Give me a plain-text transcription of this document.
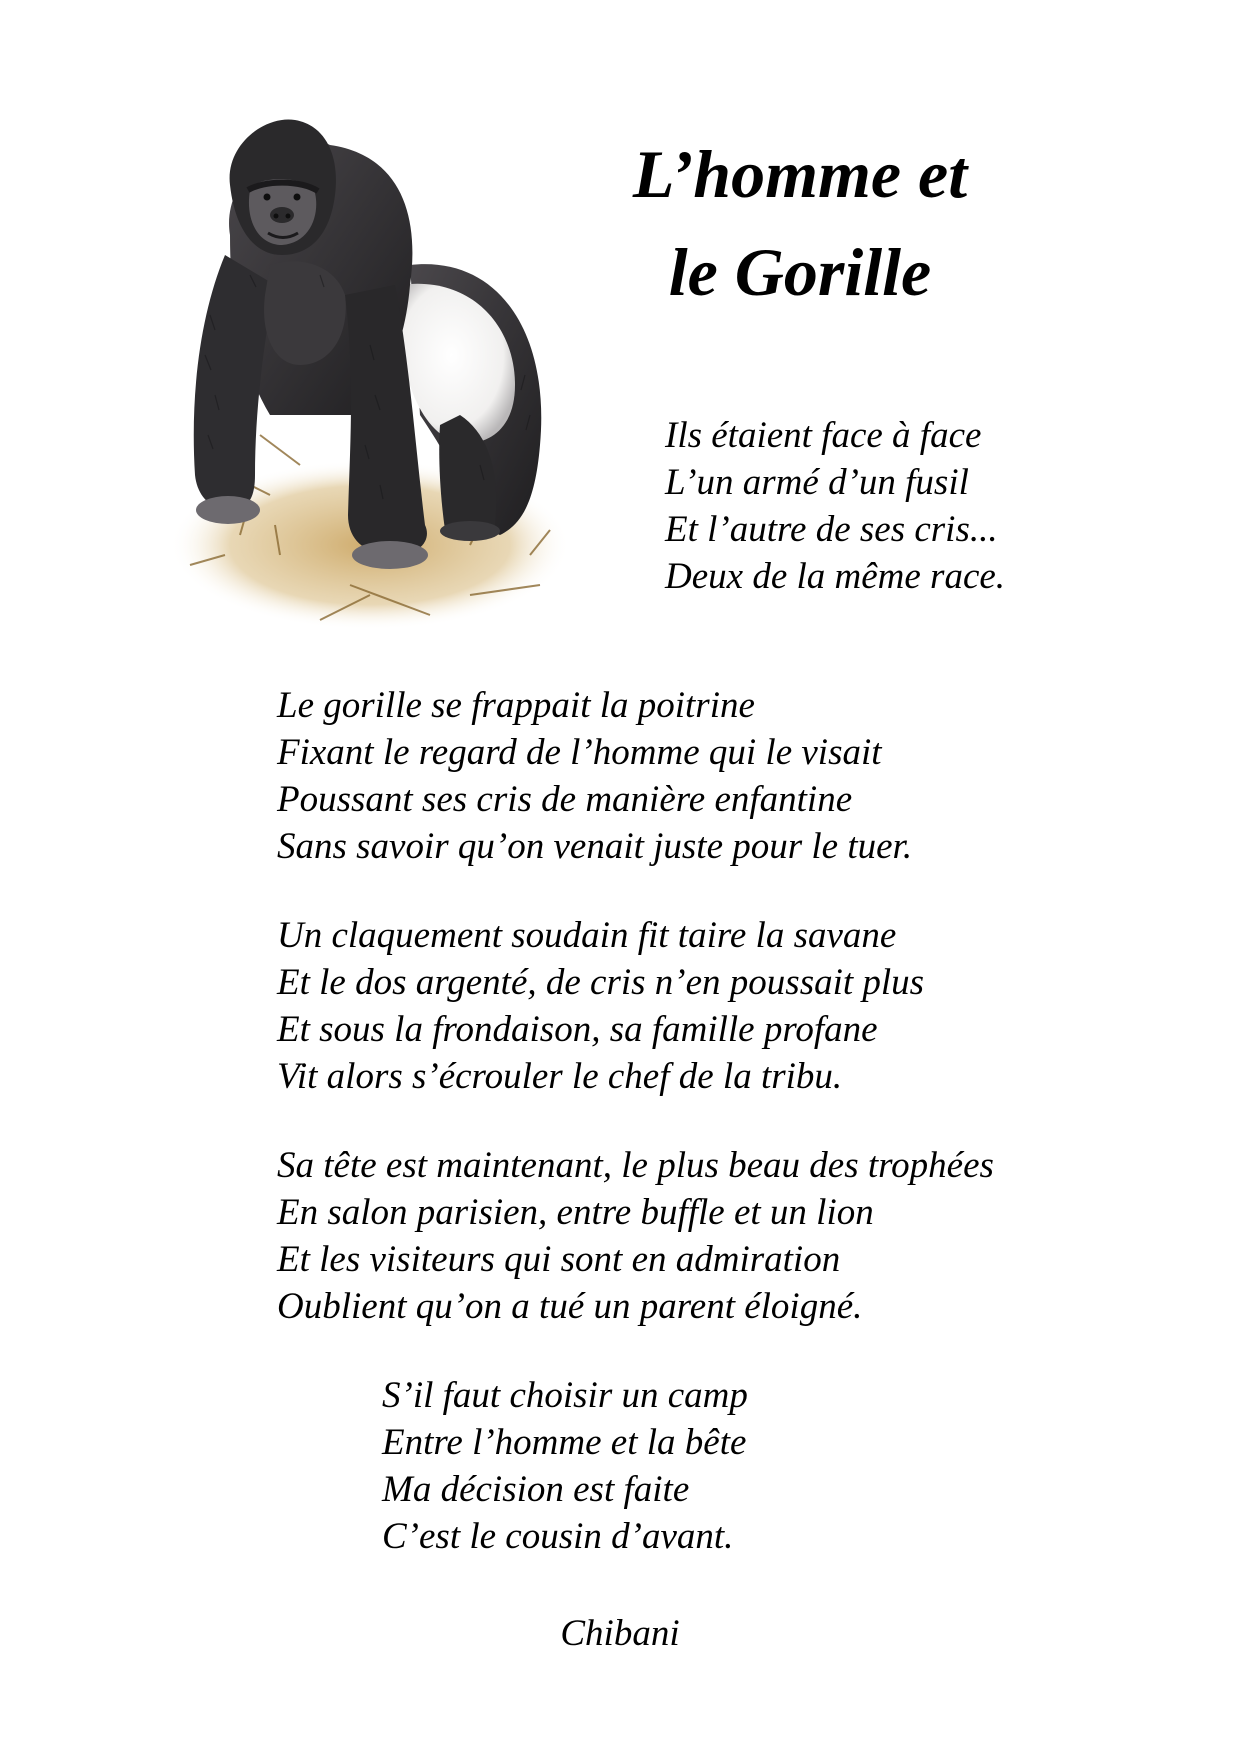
L’homme et
le Gorille
Ils étaient face à face
L’un armé d’un fusil
Et l’autre de ses cris...
Deux de la même race.
Le gorille se frappait la poitrine
Fixant le regard de l’homme qui le visait
Poussant ses cris de manière enfantine
Sans savoir qu’on venait juste pour le tuer.
Un claquement soudain fit taire la savane
Et le dos argenté, de cris n’en poussait plus
Et sous la frondaison, sa famille profane
Vit alors s’écrouler le chef de la tribu.
Sa tête est maintenant, le plus beau des trophées
En salon parisien, entre buffle et un lion
Et les visiteurs qui sont en admiration
Oublient qu’on a tué un parent éloigné.
S’il faut choisir un camp
Entre l’homme et la bête
Ma décision est faite
C’est le cousin d’avant.
Chibani
